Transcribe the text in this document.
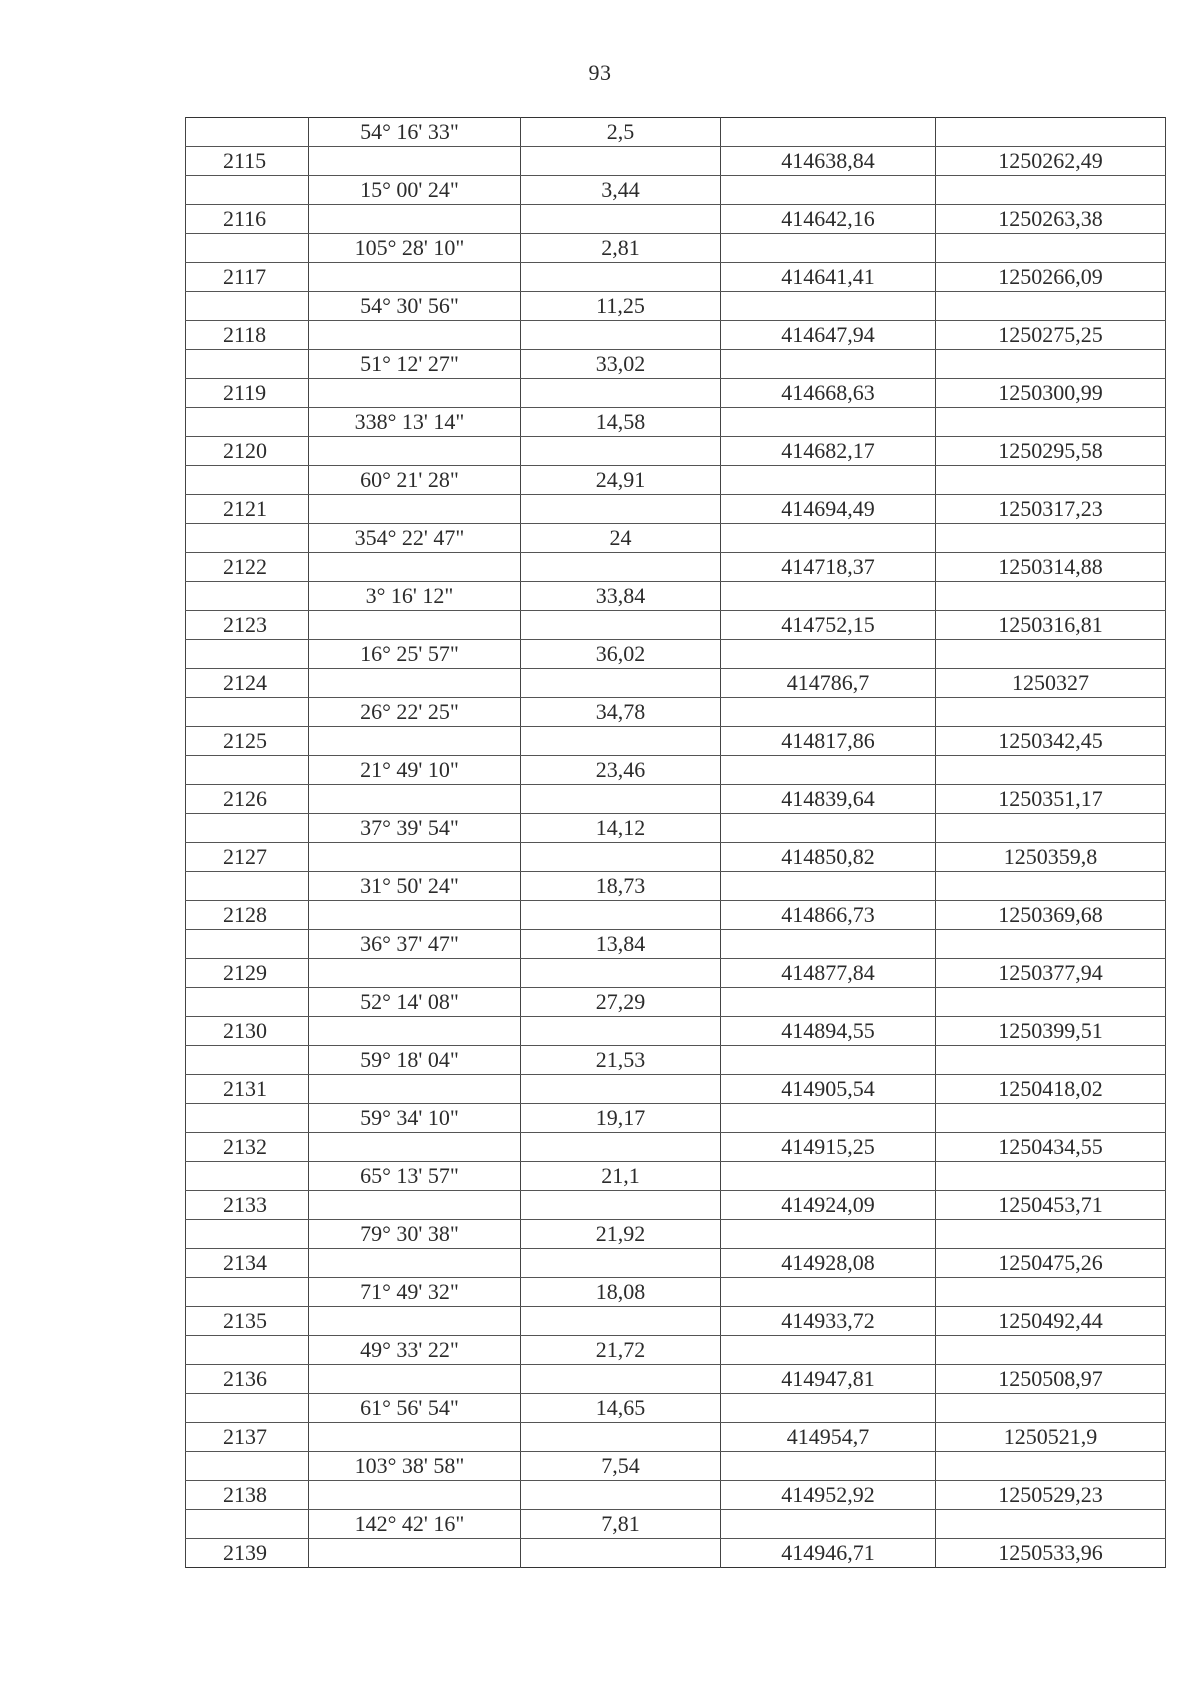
93
	54° 16' 33"	2,5		
2115			414638,84	1250262,49
	15° 00' 24"	3,44		
2116			414642,16	1250263,38
	105° 28' 10"	2,81		
2117			414641,41	1250266,09
	54° 30' 56"	11,25		
2118			414647,94	1250275,25
	51° 12' 27"	33,02		
2119			414668,63	1250300,99
	338° 13' 14"	14,58		
2120			414682,17	1250295,58
	60° 21' 28"	24,91		
2121			414694,49	1250317,23
	354° 22' 47"	24		
2122			414718,37	1250314,88
	3° 16' 12"	33,84		
2123			414752,15	1250316,81
	16° 25' 57"	36,02		
2124			414786,7	1250327
	26° 22' 25"	34,78		
2125			414817,86	1250342,45
	21° 49' 10"	23,46		
2126			414839,64	1250351,17
	37° 39' 54"	14,12		
2127			414850,82	1250359,8
	31° 50' 24"	18,73		
2128			414866,73	1250369,68
	36° 37' 47"	13,84		
2129			414877,84	1250377,94
	52° 14' 08"	27,29		
2130			414894,55	1250399,51
	59° 18' 04"	21,53		
2131			414905,54	1250418,02
	59° 34' 10"	19,17		
2132			414915,25	1250434,55
	65° 13' 57"	21,1		
2133			414924,09	1250453,71
	79° 30' 38"	21,92		
2134			414928,08	1250475,26
	71° 49' 32"	18,08		
2135			414933,72	1250492,44
	49° 33' 22"	21,72		
2136			414947,81	1250508,97
	61° 56' 54"	14,65		
2137			414954,7	1250521,9
	103° 38' 58"	7,54		
2138			414952,92	1250529,23
	142° 42' 16"	7,81		
2139			414946,71	1250533,96
